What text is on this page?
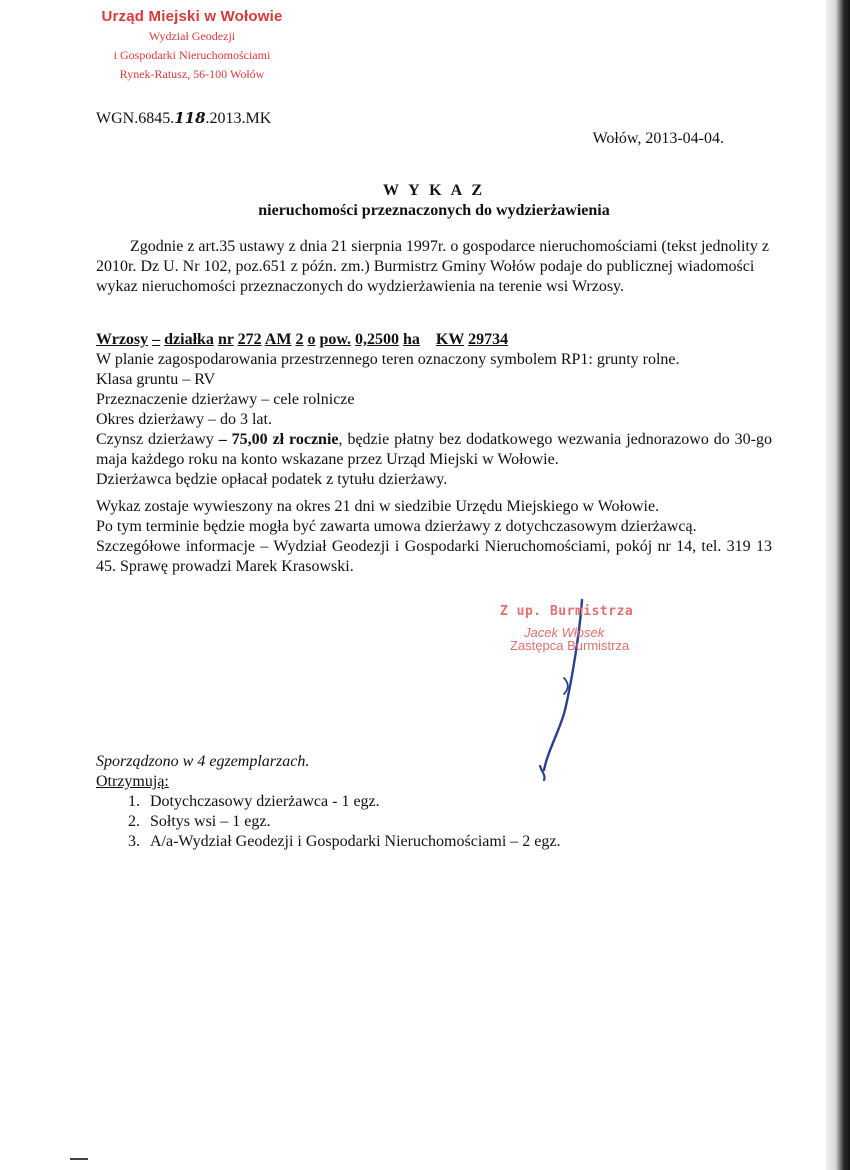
Urząd Miejski w Wołowie
Wydział Geodezji
i Gospodarki Nieruchomościami
Rynek-Ratusz, 56-100 Wołów
WGN.6845.118.2013.MK
Wołów, 2013-04-04.
W Y K A Z
nieruchomości przeznaczonych do wydzierżawienia
Zgodnie z art.35 ustawy z dnia 21 sierpnia 1997r. o gospodarce nieruchomościami (tekst jednolity z 2010r. Dz U. Nr 102, poz.651 z późn. zm.) Burmistrz Gminy Wołów podaje do publicznej wiadomości wykaz nieruchomości przeznaczonych do wydzierżawienia na terenie wsi Wrzosy.
Wrzosy – działka nr 272 AM 2 o pow. 0,2500 ha KW 29734
W planie zagospodarowania przestrzennego teren oznaczony symbolem RP1: grunty rolne.
Klasa gruntu – RV
Przeznaczenie dzierżawy – cele rolnicze
Okres dzierżawy – do 3 lat.
Czynsz dzierżawy – 75,00 zł rocznie, będzie płatny bez dodatkowego wezwania jednorazowo do 30-go maja każdego roku na konto wskazane przez Urząd Miejski w Wołowie.
Dzierżawca będzie opłacał podatek z tytułu dzierżawy.
Wykaz zostaje wywieszony na okres 21 dni w siedzibie Urzędu Miejskiego w Wołowie.
Po tym terminie będzie mogła być zawarta umowa dzierżawy z dotychczasowym dzierżawcą.
Szczegółowe informacje – Wydział Geodezji i Gospodarki Nieruchomościami, pokój nr 14, tel. 319 13 45. Sprawę prowadzi Marek Krasowski.
Z up. Burmistrza
Jacek Włosek
Zastępca Burmistrza
Sporządzono w 4 egzemplarzach.
Otrzymują:
1. Dotychczasowy dzierżawca - 1 egz.
2. Sołtys wsi – 1 egz.
3. A/a-Wydział Geodezji i Gospodarki Nieruchomościami – 2 egz.
